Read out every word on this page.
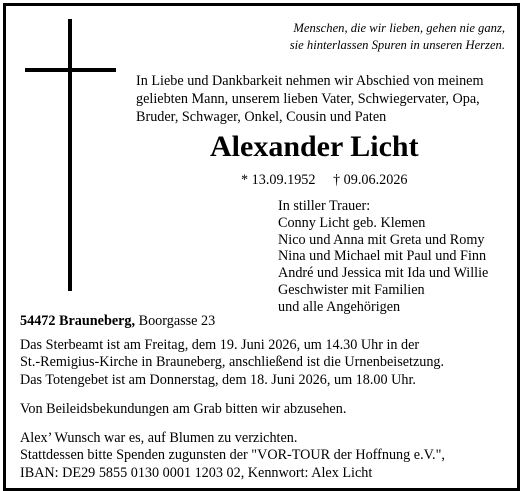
Menschen, die wir lieben, gehen nie ganz,
sie hinterlassen Spuren in unseren Herzen.
In Liebe und Dankbarkeit nehmen wir Abschied von meinem
geliebten Mann, unserem lieben Vater, Schwiegervater, Opa,
Bruder, Schwager, Onkel, Cousin und Paten
Alexander Licht
* 13.09.1952 † 09.06.2026
In stiller Trauer:
Conny Licht geb. Klemen
Nico und Anna mit Greta und Romy
Nina und Michael mit Paul und Finn
André und Jessica mit Ida und Willie
Geschwister mit Familien
und alle Angehörigen
54472 Brauneberg, Boorgasse 23
Das Sterbeamt ist am Freitag, dem 19. Juni 2026, um 14.30 Uhr in der
St.-Remigius-Kirche in Brauneberg, anschließend ist die Urnenbeisetzung.
Das Totengebet ist am Donnerstag, dem 18. Juni 2026, um 18.00 Uhr.
Von Beileidsbekundungen am Grab bitten wir abzusehen.
Alex’ Wunsch war es, auf Blumen zu verzichten.
Stattdessen bitte Spenden zugunsten der "VOR-TOUR der Hoffnung e.V.",
IBAN: DE29 5855 0130 0001 1203 02, Kennwort: Alex Licht
